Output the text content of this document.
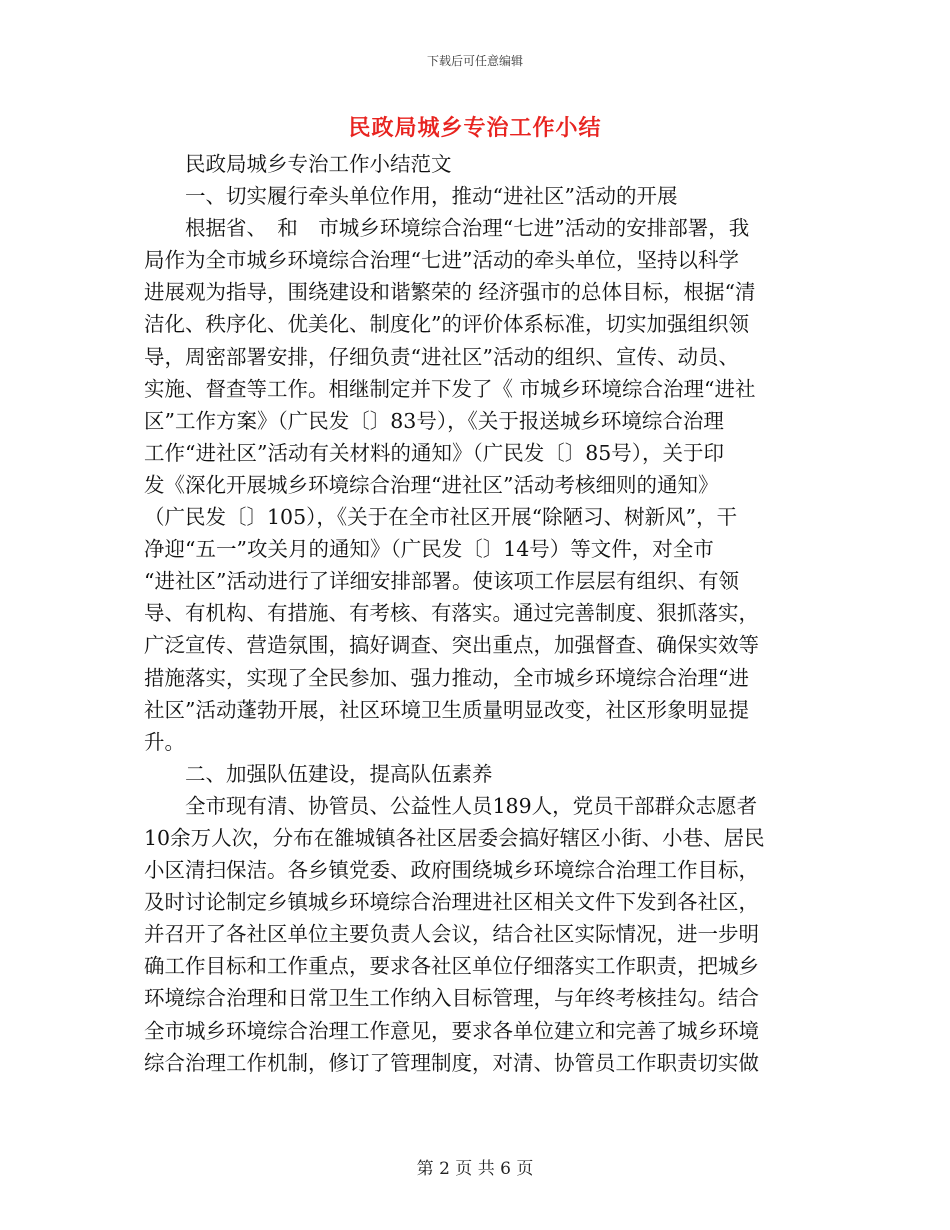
下载后可任意编辑
民政局城乡专治工作小结

　　民政局城乡专治工作小结范文

　　一、切实履行牵头单位作用，推动“进社区”活动的开展

　　根据省、　和　市城乡环境综合治理“七进”活动的安排部署，我

局作为全市城乡环境综合治理“七进”活动的牵头单位，坚持以科学

进展观为指导，围绕建设和谐繁荣的 经济强市的总体目标，根据“清

洁化、秩序化、优美化、制度化”的评价体系标准，切实加强组织领

导，周密部署安排，仔细负责“进社区”活动的组织、宣传、动员、

实施、督查等工作。相继制定并下发了《 市城乡环境综合治理“进社

区”工作方案》（广民发〔〕83号），《关于报送城乡环境综合治理

工作“进社区”活动有关材料的通知》（广民发〔〕85号），关于印

发《深化开展城乡环境综合治理“进社区”活动考核细则的通知》

（广民发〔〕105），《关于在全市社区开展“除陋习、树新风”，干

净迎“五一”攻关月的通知》（广民发〔〕14号）等文件，对全市

“进社区”活动进行了详细安排部署。使该项工作层层有组织、有领

导、有机构、有措施、有考核、有落实。通过完善制度、狠抓落实，

广泛宣传、营造氛围，搞好调查、突出重点，加强督查、确保实效等

措施落实，实现了全民参加、强力推动，全市城乡环境综合治理“进

社区”活动蓬勃开展，社区环境卫生质量明显改变，社区形象明显提

升。

　　二、加强队伍建设，提高队伍素养

　　全市现有清、协管员、公益性人员189人，党员干部群众志愿者

10余万人次，分布在雒城镇各社区居委会搞好辖区小街、小巷、居民

小区清扫保洁。各乡镇党委、政府围绕城乡环境综合治理工作目标，

及时讨论制定乡镇城乡环境综合治理进社区相关文件下发到各社区，

并召开了各社区单位主要负责人会议，结合社区实际情况，进一步明

确工作目标和工作重点，要求各社区单位仔细落实工作职责，把城乡

环境综合治理和日常卫生工作纳入目标管理，与年终考核挂勾。结合

全市城乡环境综合治理工作意见，要求各单位建立和完善了城乡环境

综合治理工作机制，修订了管理制度，对清、协管员工作职责切实做

第 2 页 共 6 页
